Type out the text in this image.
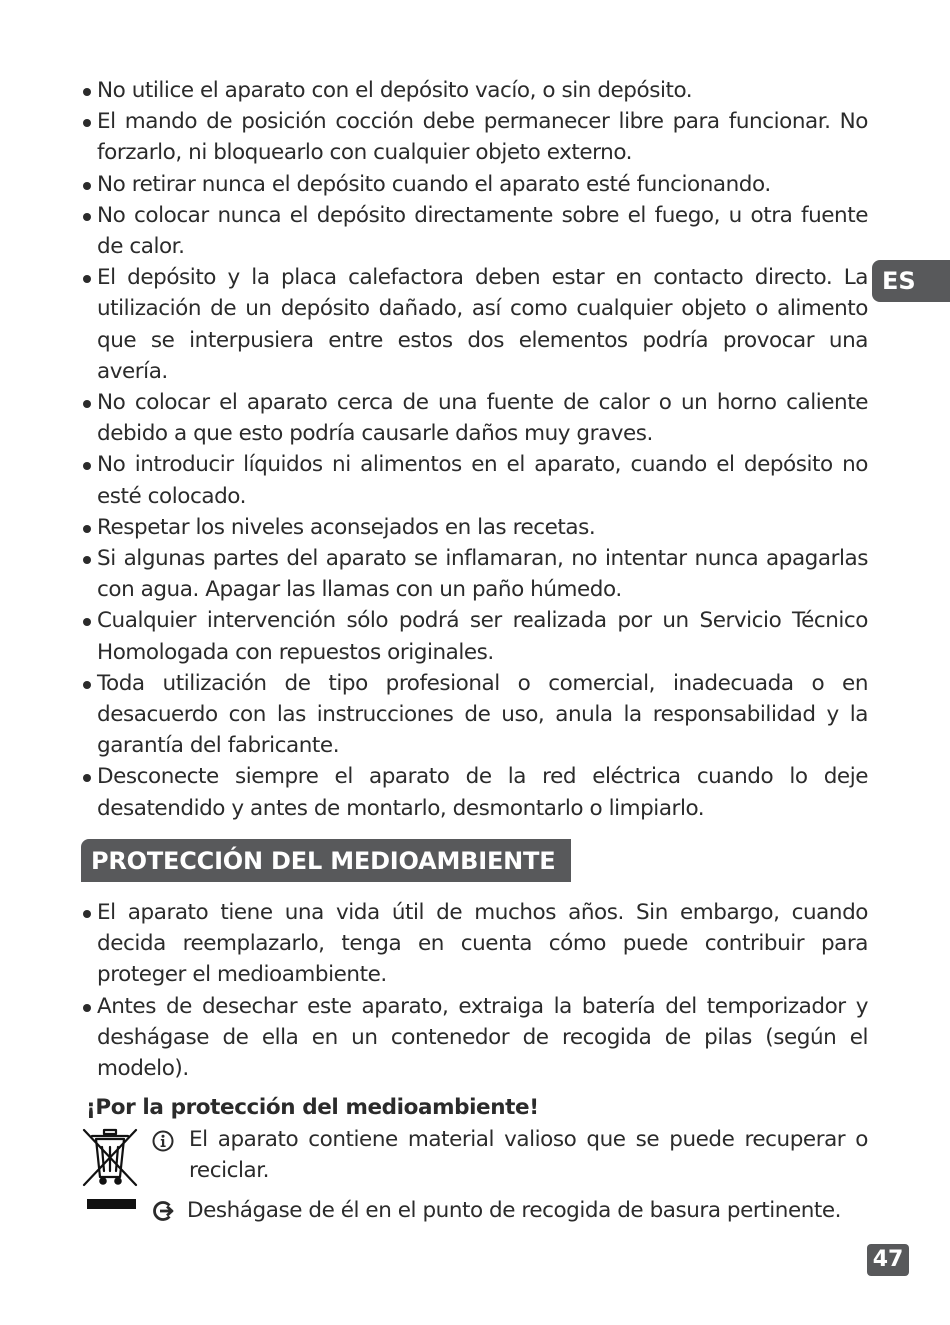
No utilice el aparato con el depósito vacío, o sin depósito.
El mando de posición cocción debe permanecer libre para funcionar. No forzarlo, ni bloquearlo con cualquier objeto externo.
No retirar nunca el depósito cuando el aparato esté funcionando.
No colocar nunca el depósito directamente sobre el fuego, u otra fuente de calor.
El depósito y la placa calefactora deben estar en contacto directo. La utilización de un depósito dañado, así como cualquier objeto o alimento que se interpusiera entre estos dos elementos podría provocar una avería.
No colocar el aparato cerca de una fuente de calor o un horno caliente debido a que esto podría causarle daños muy graves.
No introducir líquidos ni alimentos en el aparato, cuando el depósito no esté colocado.
Respetar los niveles aconsejados en las recetas.
Si algunas partes del aparato se inflamaran, no intentar nunca apagarlas con agua. Apagar las llamas con un paño húmedo.
Cualquier intervención sólo podrá ser realizada por un Servicio Técnico Homologada con repuestos originales.
Toda utilización de tipo profesional o comercial, inadecuada o en desacuerdo con las instrucciones de uso, anula la responsabilidad y la garantía del fabricante.
Desconecte siempre el aparato de la red eléctrica cuando lo deje desatendido y antes de montarlo, desmontarlo o limpiarlo.
ES
PROTECCIÓN DEL MEDIOAMBIENTE
El aparato tiene una vida útil de muchos años. Sin embargo, cuando decida reemplazarlo, tenga en cuenta cómo puede contribuir para proteger el medioambiente.
Antes de desechar este aparato, extraiga la batería del temporizador y deshágase de ella en un contenedor de recogida de pilas (según el modelo).
¡Por la protección del medioambiente!
El aparato contiene material valioso que se puede recuperar o reciclar.
Deshágase de él en el punto de recogida de basura pertinente.
47
